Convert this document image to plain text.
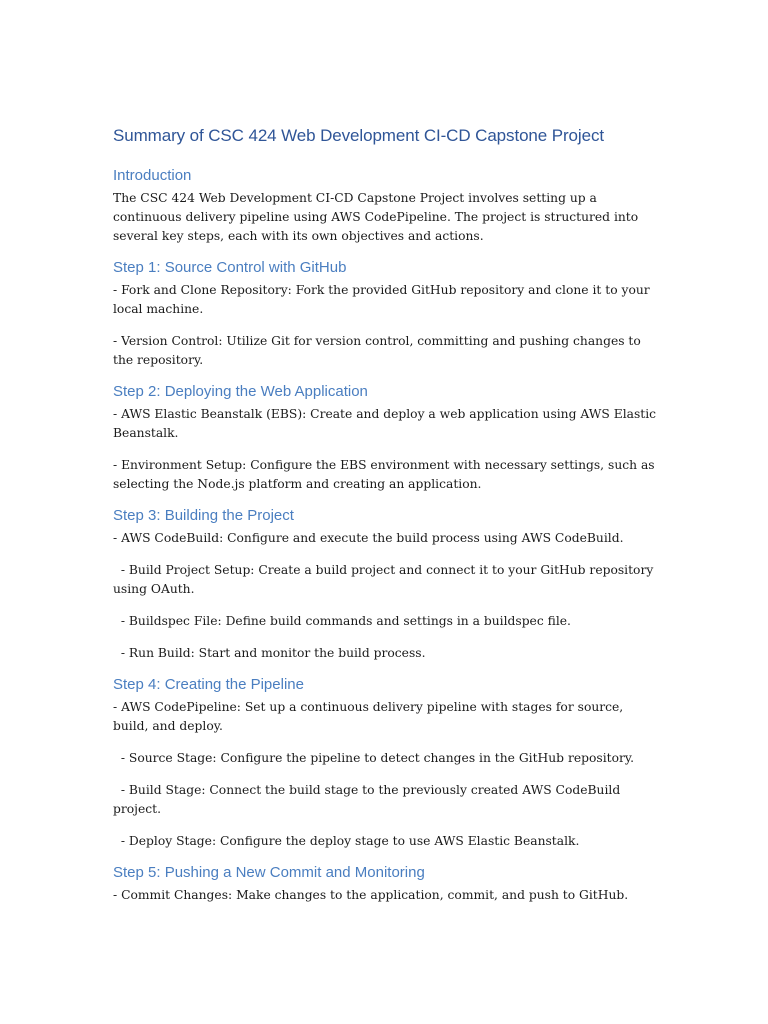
Summary of CSC 424 Web Development CI-CD Capstone Project
Introduction

The CSC 424 Web Development CI-CD Capstone Project involves setting up a continuous delivery pipeline using AWS CodePipeline. The project is structured into several key steps, each with its own objectives and actions.

Step 1: Source Control with GitHub

- Fork and Clone Repository: Fork the provided GitHub repository and clone it to your local machine.

- Version Control: Utilize Git for version control, committing and pushing changes to the repository.

Step 2: Deploying the Web Application

- AWS Elastic Beanstalk (EBS): Create and deploy a web application using AWS Elastic Beanstalk.

- Environment Setup: Configure the EBS environment with necessary settings, such as selecting the Node.js platform and creating an application.

Step 3: Building the Project

- AWS CodeBuild: Configure and execute the build process using AWS CodeBuild.

- Build Project Setup: Create a build project and connect it to your GitHub repository using OAuth.

- Buildspec File: Define build commands and settings in a buildspec file.

- Run Build: Start and monitor the build process.

Step 4: Creating the Pipeline

- AWS CodePipeline: Set up a continuous delivery pipeline with stages for source, build, and deploy.

- Source Stage: Configure the pipeline to detect changes in the GitHub repository.

- Build Stage: Connect the build stage to the previously created AWS CodeBuild project.

- Deploy Stage: Configure the deploy stage to use AWS Elastic Beanstalk.

Step 5: Pushing a New Commit and Monitoring

- Commit Changes: Make changes to the application, commit, and push to GitHub.
